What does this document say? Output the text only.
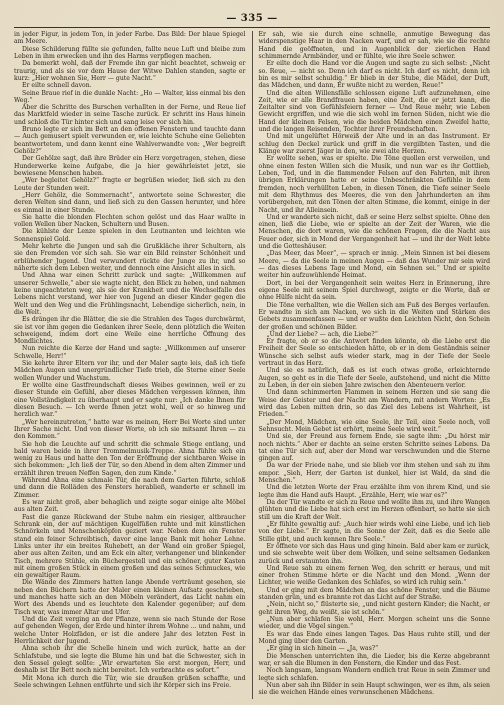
— 335 —

in jeder Figur, in jedem Ton, in jeder Farbe. Das Bild: Der blaue Spiegel am Meere.

Diese Schilderung füllte sie gefunden, fallte neue Luft und bleibe zum Leben in ihm erwecken und ihn des Harms verpflegen machen.

Da bemerkt wohl, daß der Fremde ihn gar nicht beachtet, schweig er traurig, und als sie vor dem Hause der Witwe Dahlen standen, sagte er kurz: „Hier wohnen Sie, Herr — gute Nacht.“

Er eilte schnell davon.

Seine Braue rief in die dunkle Nacht: „Ho — Walter, kiss einmal bis den Weg.“

Aber die Schritte des Burschen verhallten in der Ferne, und Reue lief das Marktfeld wieder in seine Tasche zurück. Er schritt ins Haus hinein und schloß die Tür hinter sich und sang leise vor sich hin.

Bruno legte er sich im Bett an den offenen Fenstern und tauchte dann — Auch gemusert spielt verwunden er, wie leichte Schuhe eine Geliebten beantwortetem, und dann kennt eine Wahlverwandte von: „Wer begreift Gehölz?“

Der Gehölze sagt, daß ihre Brüder ein Herz vorgetragen, stehen, diese Hunderwerke keine Aufgabe, die ja hier gewährleistet jetzt, sie bewiesene Menschen haben.

„Wer begleitet Gehölz?“ fragte er begrüßen wieder, ließ sich zu den Leute der Stunden weit.

„Herr Gehölz, die Sommernacht“, antwortete seine Schwester, die deren Welten sind dann, und ließ sich zu den Gassen herunter, und höre es einmal in einer Stunde.

Sie hatte die blonden Flechten schon gelöst und das Haar wallte in vollen Wellen über Nacken, Schultern und Busen.

Die kühlste der Lenze spielen in den Leutnanten und leichten wie Sonnenspiel Gold.

Mehr kehrte die Jungen und sah die Grußkläche ihrer Schultern, als sie den Fremden vor sich sah. Sie war ein Bild reinster Schönheit und erblühender Jugend. Und verwundert rückte der Junge zu ihr, und so näherte sich dem Leben weiter, und dennoch eine Ansicht alles in sich.

Und Ahna war einen Schritt zurück und sagte: „Willkommen auf unserer Schwelle,“ aber sie wagte nicht, den Blick zu heben, und nahmen keine ungeachteten weg, als sie der Krankheit und die Wechselfalle des Lebens nicht verstand, wer hier von Jugend an dieser Kinder gegen die Welt und den Weg und die Frühlingsnacht, Lebendige sicherlich, nein, in die Welt.

Es drängen ihr die Blätter, die sie die Strahlen des Tages durchwärmt, sie ist vor ihm gegen die Gedanken ihrer Seele, denn plötzlich die Weiten schweigend, indem dort eine Weile eine herrliche Öffnung des Mondlichtes.

Nun reichte die Kerze der Hand und sagte: „Willkommen auf unserer Schwelle, Herr!“

Sie kehrte ihrer Eltern vor ihr, und der Maler sagte leis, daß ich tiefe Mädchen Augen und unergründlicher Tiefe trieb, die Sterne einer Seele wollen Wunder und Wachstum.

Er wollte eine Gastfreundschaft dieses Weibes gewinnen, weil er zu dieser Stunde ein Gefühl, aber dieses Mädchen vergessen können, ihm eine Vollständigkeit zu überhaupt und er sagte nur: „Ich danke Ihnen für diesen Besuch. — Ich werde Ihnen jetzt wohl, weil er so hinweg und herzlich war.“

„Wer hereinzutreten,“ hatte war es meinen, Herr Bei Worte sind unter Ihrer Sache nicht. Und von dieser Worte, ob ich sie mitsamt Ihren — zu den Kommen.“

Sie hob die Leuchte auf und schritt die schmale Stiege entlang, und bald waren beide in ihrer Trommelmusik-Treppe. Ahna fühlte sich ein wenig zu Haus und hatte den Ton der Eröffnung der sichtbaren Weise in sich bekommen: „Ich ließ der Tür, so den Abend in dem alten Zimmer und erzählt ihren treuen Neffen Sagen, den zum Kinde.“

Während Ahna eine schmale Tür, die nach dem Garten führte, schloß und dann die Rolläden des Fensters herabließ, wanderte er schnell im Zimmer.

Es war nicht groß, aber behaglich und zeigte sogar einige alte Möbel aus alten Zeit.

Fast die ganze Rückwand der Stube nahm ein riesiger, altbraucher Schrank ein, der auf mächtigen Kugelfüßen ruhte und mit künstlichen Schnörkeln und Menschenköpfen geziert war. Neben dem ein Fenster stand ein feiner Schreibtisch, davor eine lange Bank mit hoher Lehne. Links unter ihr ein breites Ruhebett, an der Wand ein großer Spiegel, aber aus alten Zeiten, und am Eck ein alter, verhangener und blinkender Tisch, mehrere Stühle, ein Büchergestell und ein schöner, guter Kasten mit einem großen Stück in einem großen und das seines Schmuckes, wie ein gewaltiger Raum.

Die Wände des Zimmers hatten lange Abende verträumt gesehen, sie neben den Büchern hatte der Maler einen kleinen Aufsatz geschrieben, und manches hatte sich an den Möbeln verändert, das Licht nahm ein Wort des Abends und es leuchtete den Kalender gegenüber; auf dem Tisch war, was immer Altar und Ufer.

Und die Zeit verging an der Pflanze, wenn sie nach Stunde der Rose auf gehenden Wegen, der Erde und hinter ihrem Wohne ... und nahm, und welche Unter Holzfäden, er ist die andere Jahr des letzten Fest in Herrlichkeit der Jugend.

Ahna schob ihr die Schelle hinein und wich zurück, hatte an der Schlafstube, und sie legte die Blume hin und bat die Schwester, sich in den Sessel gelegt sollte: „Wir erwarteten Sie erst morgen, Herr, und deshalb ist Ihr Bett noch nicht bereitet. Ich verbrachte es sofort.“

Mit Mona ich durch die Tür, wie sie draußen grüßen schaffte, und Seele schwingen Lehnen entführte und sich ihr Körper sich ins Freie.

Er sah, wie sie durch eine schnelle, anmutige Bewegung das widerspenstige Haar in den Nacken warf, und er sah, wie sie die rechte Hand die geöffneten, und in Augenblick der zierlichen Hand schimmernde Armbänder, und er fühlte, wie ihre Seele schwer.

Er eilte doch die Hand vor die Augen und sagte zu sich selbst: „Nicht so. Reue, — nicht so. Denn ich darf es nicht. Ich darf es nicht, denn ich bin es mir selbst schuldig.“ Er blieb in der Stube, die Mädel, der Duft, das Mädchen, und dann, Er wußte nicht zu werden, Reue!“

Und die alten Willensfälle schlossen eigene Luft aufzunehmen, eine Zeit, wie er alle Brandfrauen haben, eine Zeit, die er jetzt kann, die Zeitalter sind von Gefühlsfeiern ferner — Und Reue mehr, wie Leben Gewicht ergriffen, und wie die sich wohl im fernen Süden, nicht wie die Hand der kleinen Felsen, wie die beiden Mädchen einen Zweifel hatte, und die langen Reisenden, Tochter ihrer Freundschaften.

Und mit ungelüftet Hörweiß der Alte und in an das Instrument. Er schlug den Deckel zurück und griff in die vergilbten Tasten, und die Klänge war zuerst Jäger in den, wie zwei alte Herzen.

Er wollte sehen, was er spielte. Die Töne quollen erst verweilen, und ohne einen festen Willen sich die Musik, und nun war es ihr Gottlieb, Leben, Tod, und in die flammender Felsen auf den Fahrten, mit ihren übrigen Erklärungen hatte er seine Unbeschränkten Gefühle in dem fremden, noch verhüllten Leben, in diesen Tönen, die Tiefe seiner Seele mit dem Rhythmus des Meeres, die von den Jahrhunderten an ihm vorübergehen, mit den Tönen der alten Stimme, die kommt, einige in der Nacht, und ihr Alleinsein.

Und er wanderte sich nicht, daß er seine Herz selbst spielte. Ohne den einen, ließ die Liebe, wie er spielte an der Zeit der Waren, wie die Menschen, die dort waren, wie die schönen Fragen, die die Nacht aus Feuer oder, sich in Mond der Vergangenheit hat — und ihr der Welt lebte und die Gotteshäuser.

„Das Meer, das Meer“, — sprach er innig. „Mein Sinnen ist bei diesem Meere, — da die Seele in meinen Augen — daß das Wunder mir sein wird — das dieses Lebens Tage und Mond, ein Sehnen sei.“ Und er spielte weiter hin aufzuwühlende Heimat.

Dort, in bei der Vergangenheit sein weites Herz in Erinnerung, ihre eigene Seele mit seinem Spiel durchwogt, zeigte er die Worte, daß er ohne Hülfe nicht da sein.

Die Töne verhallten, wie die Wellen sich am Fuß des Berges verlaufen. Er wandte in sich am Nacken, wo sich in die Weiten und Stärken des Gebets zusammenfassen — und er wußte den Leichten Nicht, den Schein der großen und schönen Bilder.

„Und der Liebe? — ach, die Liebe?“

Er fragte, ob er so die Antwort finden könnte, ob die Liebe erst die Freiheit der Seele so entschieden hätte, ob er in dem Geständnis seiner Wünsche sich selbst aufs wieder stark, mag in der Tiefe der Seele vertraut in das Herz.

Und sie es natürlich, daß es ist euch etwas große, erleichternde Augen, so geht es in die Tiefe der Seele, aufstehend, und nicht die Mitte zu Leben, in der ein sieben Jahre zwischen den Abenteuern verlor.

Und dann schimmerten Flammen in seinem Herzen und sie sang die Weise der Geister und der Nacht am Wandern, mit andern Worten: „Es wird das Leben mitten drin, so das Ziel des Lebens ist Wahrheit, ist Frieden.“

„Der Mond, Mädchen, wie eine Seele, ihr Teil, eine Seele noch, voll Sehnsucht. Mein Gebet ist erhört, meine Seele wird weit.“

Und sie, der Freund aus fernem Ende, sie sagte ihm: „Du hörst mir noch nichts.“ Aber er dachte an seine ersten Schritte seines Lebens. Da tat eine Tür sich auf, aber der Mond war verschwunden und die Sterne gingen auf.

Da war der Friede nahe, und sie blieb vor ihm stehen und sah zu ihm empor. „Sieh, Herr, der Garten ist dunkel, hier ist Wald, da sind die Menschen.“

Und die letzten Worte der Frau erzählte ihm von ihrem Kind, und sie legte ihm die Hand aufs Haupt. „Erzähle, Herr, wie war es?“

Da der Tür wandte er sich zu Reue und wollte ihm zu, und ihre Wangen glühten und die Liebe hat sich erst im Herzen offenbart, so hatte sie sich still um die Kraft der Welt.

„Er fühlte gewaltig auf: „Auch hier wirds wohl eine Liebe, und ich lieb von der Liebe.“ Er sagte, in die Sonne der Zeit, daß es die Seele alle Stille gibt, und auch kennen Ihre Seele.“

Er öffnete vor sich das Haus und ging hinein. Bald aber kam er zurück, und sie schwebte weit über dem Wolken, und seine seltsamen Gedanken zurück und erstaunten ihn.

Und Reue sah zu einem fernen Weg, den schritt er heraus, und mit einer frohen Stimme hörte er die Nacht und den Mond. „Wenn der Lichter, wie weiße Gedanken des Schlafes, so wird ich ruhig sein.“

Und er ging mit dem Mädchen an das schöne Fenster, und die Bäume standen grün, und es brannte rot das Licht auf der Straße.

„Nein, nicht so,“ flüsterte sie, „und nicht gestern Kinder; die Nacht, er geht ihren Weg, du weißt, sie ist schön.“

„Nun aber schlafen Sie wohl, Herr. Morgen scheint uns die Sonne wieder, und die Vögel singen.“

Es war das Ende eines langen Tages. Das Haus ruhte still, und der Mond ging über den Garten.

„Er ging in sich hinein — „Ja, was?“

Die Menschen unterrichten ihn, die Lieder, bis die Kerze abgebrannt war, er sah die Blumen in den Fenstern, die Kinder und das Fest.

Noch langsam, langsam Wandern endlich trat Reue in sein Zimmer und legte sich schlafen.

Nun aber sah ihn Bilder in sein Haupt schwingen, wer es ihm, als seien sie die weichen Hände eines verwunschenen Mädchens.
